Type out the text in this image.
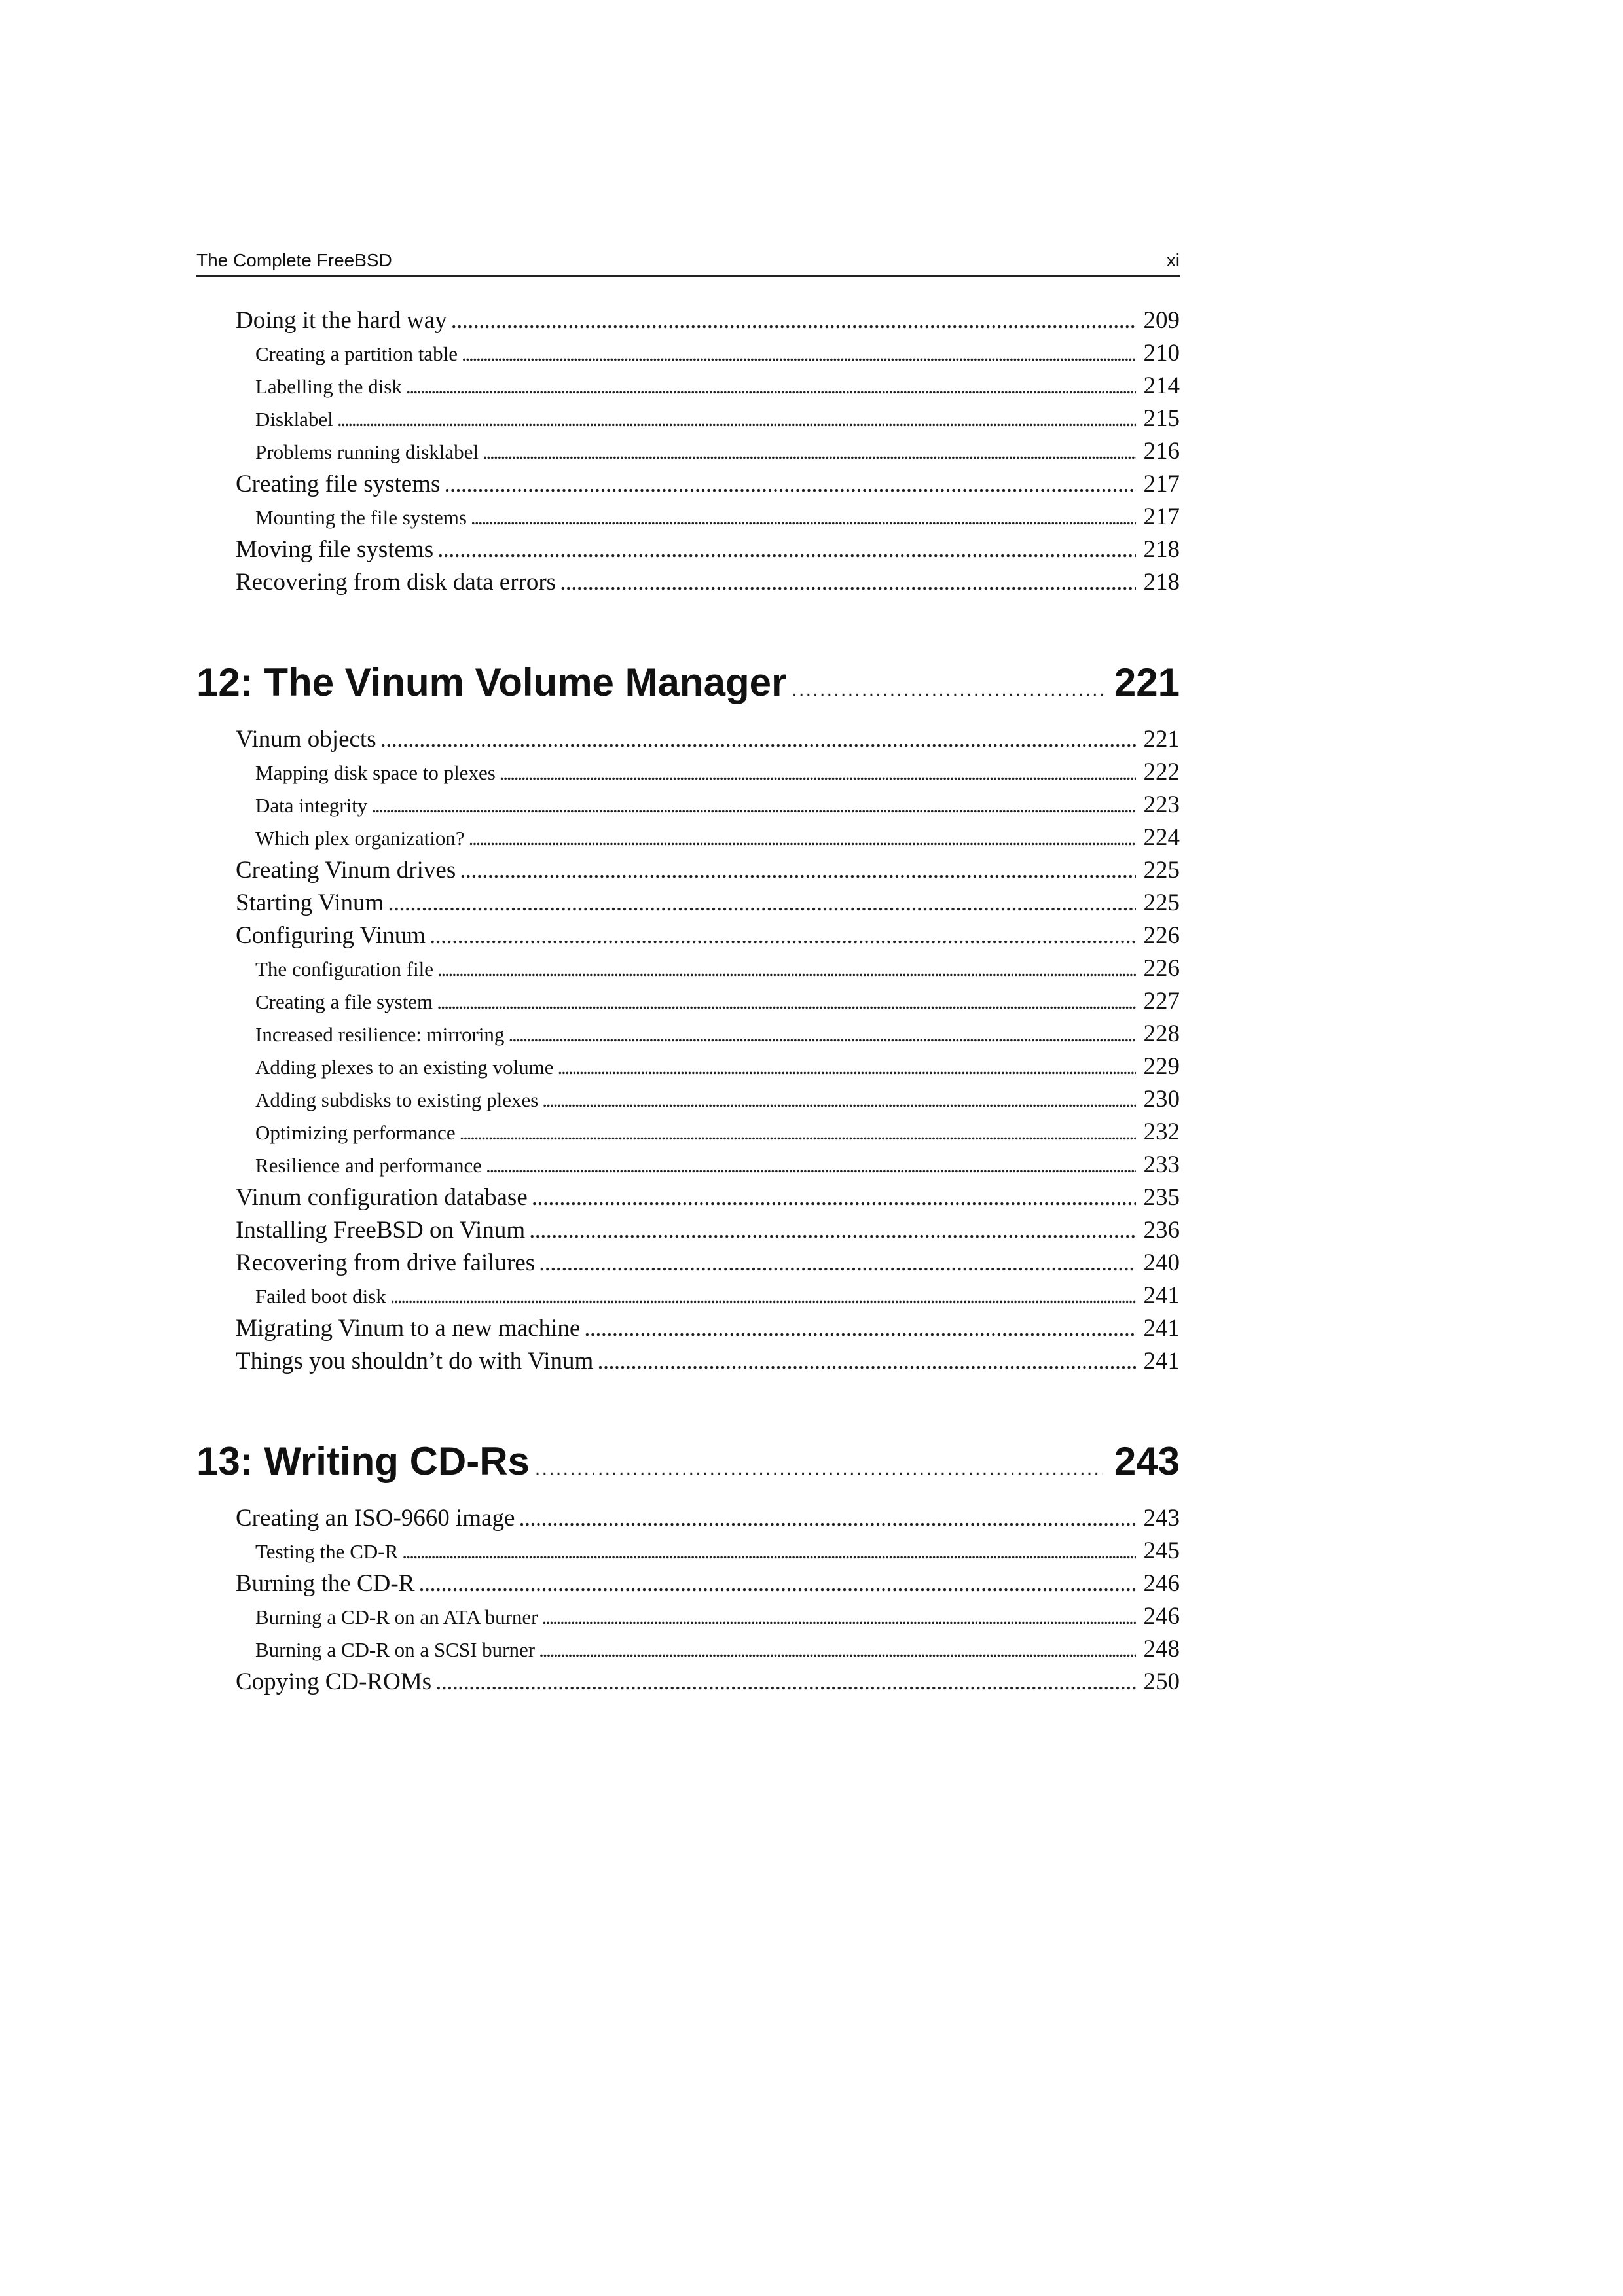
The Complete FreeBSD	xi
Doing it the hard way . . .	209
Creating a partition table . . .	210
Labelling the disk . . .	214
Disklabel . . .	215
Problems running disklabel . . .	216
Creating file systems . . .	217
Mounting the file systems . . .	217
Moving file systems . . .	218
Recovering from disk data errors . . .	218
12: The Vinum Volume Manager . . .	221
Vinum objects . . .	221
Mapping disk space to plexes . . .	222
Data integrity . . .	223
Which plex organization? . . .	224
Creating Vinum drives . . .	225
Starting Vinum . . .	225
Configuring Vinum . . .	226
The configuration file . . .	226
Creating a file system . . .	227
Increased resilience: mirroring . . .	228
Adding plexes to an existing volume . . .	229
Adding subdisks to existing plexes . . .	230
Optimizing performance . . .	232
Resilience and performance . . .	233
Vinum configuration database . . .	235
Installing FreeBSD on Vinum . . .	236
Recovering from drive failures . . .	240
Failed boot disk . . .	241
Migrating Vinum to a new machine . . .	241
Things you shouldn’t do with Vinum . . .	241
13: Writing CD-Rs . . .	243
Creating an ISO-9660 image . . .	243
Testing the CD-R . . .	245
Burning the CD-R . . .	246
Burning a CD-R on an ATA burner . . .	246
Burning a CD-R on a SCSI burner . . .	248
Copying CD-ROMs . . .	250
